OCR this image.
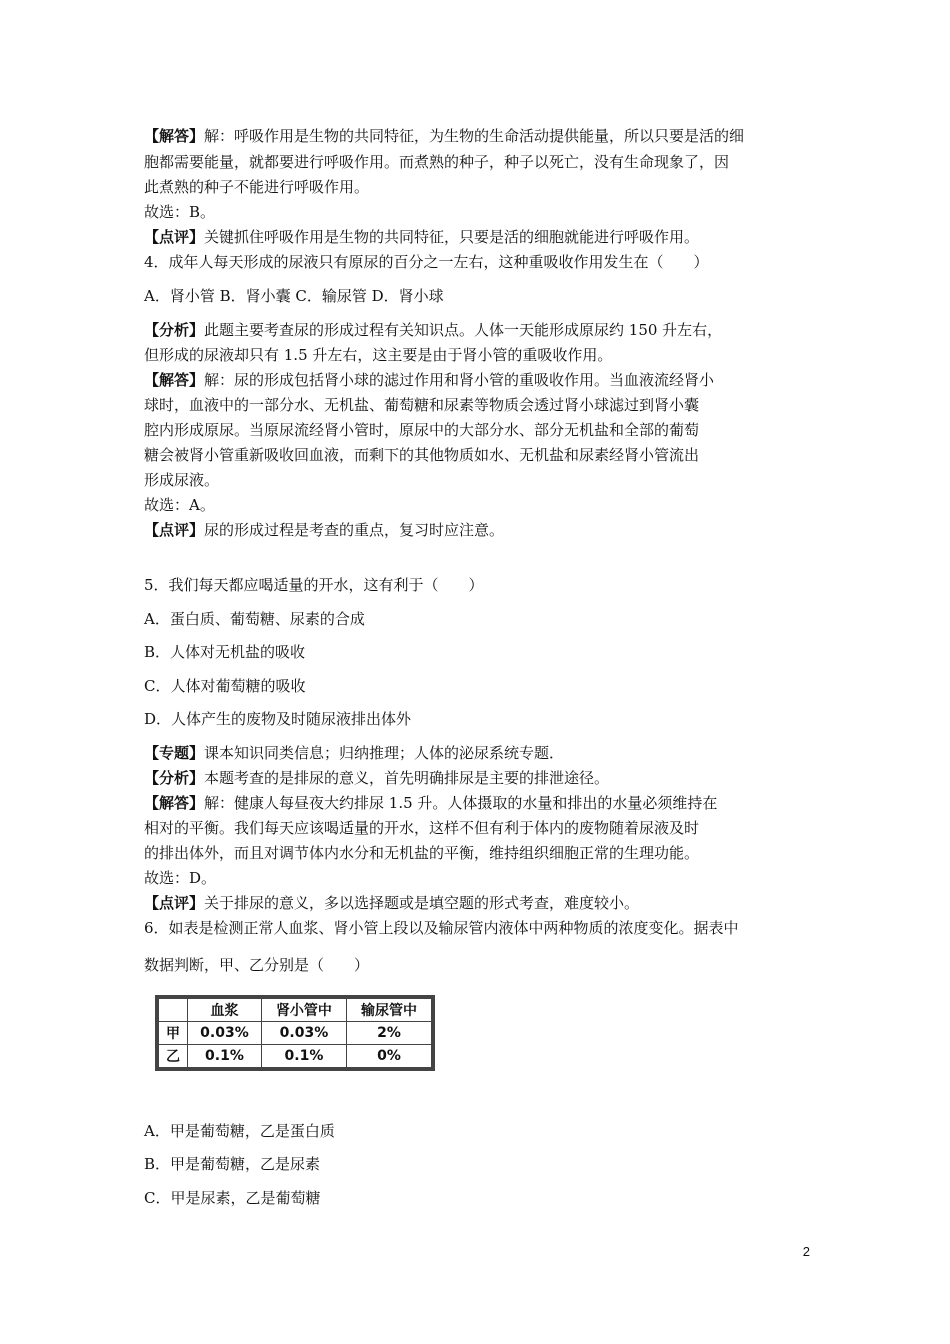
【解答】解：呼吸作用是生物的共同特征，为生物的生命活动提供能量，所以只要是活的细
胞都需要能量，就都要进行呼吸作用。而煮熟的种子，种子以死亡，没有生命现象了，因
此煮熟的种子不能进行呼吸作用。
故选：B。
【点评】关键抓住呼吸作用是生物的共同特征，只要是活的细胞就能进行呼吸作用。
4．成年人每天形成的尿液只有原尿的百分之一左右，这种重吸收作用发生在（　　）
A．肾小管 B．肾小囊 C．输尿管 D．肾小球
【分析】此题主要考查尿的形成过程有关知识点。人体一天能形成原尿约 150 升左右，
但形成的尿液却只有 1.5 升左右，这主要是由于肾小管的重吸收作用。
【解答】解：尿的形成包括肾小球的滤过作用和肾小管的重吸收作用。当血液流经肾小
球时，血液中的一部分水、无机盐、葡萄糖和尿素等物质会透过肾小球滤过到肾小囊
腔内形成原尿。当原尿流经肾小管时，原尿中的大部分水、部分无机盐和全部的葡萄
糖会被肾小管重新吸收回血液，而剩下的其他物质如水、无机盐和尿素经肾小管流出
形成尿液。
故选：A。
【点评】尿的形成过程是考查的重点，复习时应注意。
5．我们每天都应喝适量的开水，这有利于（　　）
A．蛋白质、葡萄糖、尿素的合成
B．人体对无机盐的吸收
C．人体对葡萄糖的吸收
D．人体产生的废物及时随尿液排出体外
【专题】课本知识同类信息；归纳推理；人体的泌尿系统专题．
【分析】本题考查的是排尿的意义，首先明确排尿是主要的排泄途径。
【解答】解：健康人每昼夜大约排尿 1.5 升。人体摄取的水量和排出的水量必须维持在
相对的平衡。我们每天应该喝适量的开水，这样不但有利于体内的废物随着尿液及时
的排出体外，而且对调节体内水分和无机盐的平衡，维持组织细胞正常的生理功能。
故选：D。
【点评】关于排尿的意义，多以选择题或是填空题的形式考查，难度较小。
6．如表是检测正常人血浆、肾小管上段以及输尿管内液体中两种物质的浓度变化。据表中
数据判断，甲、乙分别是（　　）
	血浆	肾小管中	输尿管中
甲	0.03%	0.03%	2%
乙	0.1%	0.1%	0%
A．甲是葡萄糖，乙是蛋白质
B．甲是葡萄糖，乙是尿素
C．甲是尿素，乙是葡萄糖
2
